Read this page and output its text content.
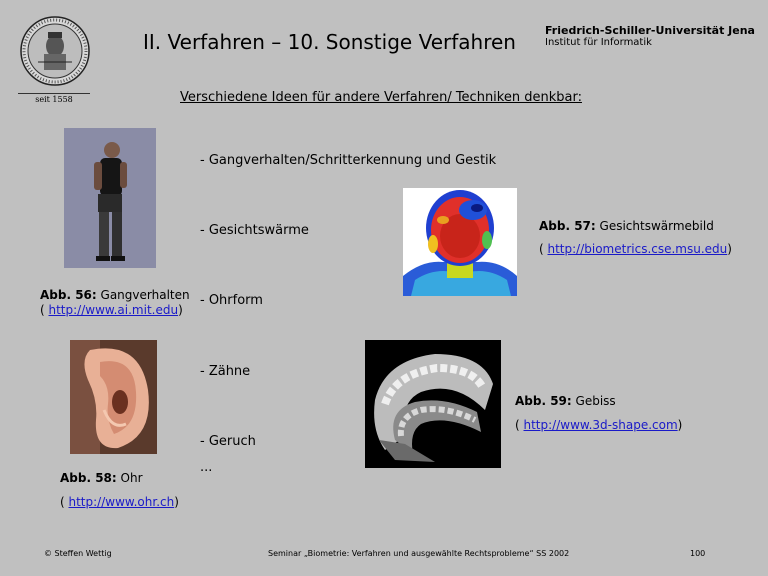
seit 1558
II. Verfahren – 10. Sonstige Verfahren	Friedrich-Schiller-Universität Jena
Institut für Informatik
Verschiedene Ideen für andere Verfahren/ Techniken denkbar:
- Gangverhalten/Schritterkennung und Gestik
- Gesichtswärme
- Ohrform
- Zähne
- Geruch
...
Abb. 56: Gangverhalten
( http://www.ai.mit.edu)
Abb. 57: Gesichtswärmebild
( http://biometrics.cse.msu.edu)
Abb. 58: Ohr
( http://www.ohr.ch)
Abb. 59: Gebiss
( http://www.3d-shape.com)
© Steffen Wettig	Seminar „Biometrie: Verfahren und ausgewählte Rechtsprobleme“ SS 2002	100
